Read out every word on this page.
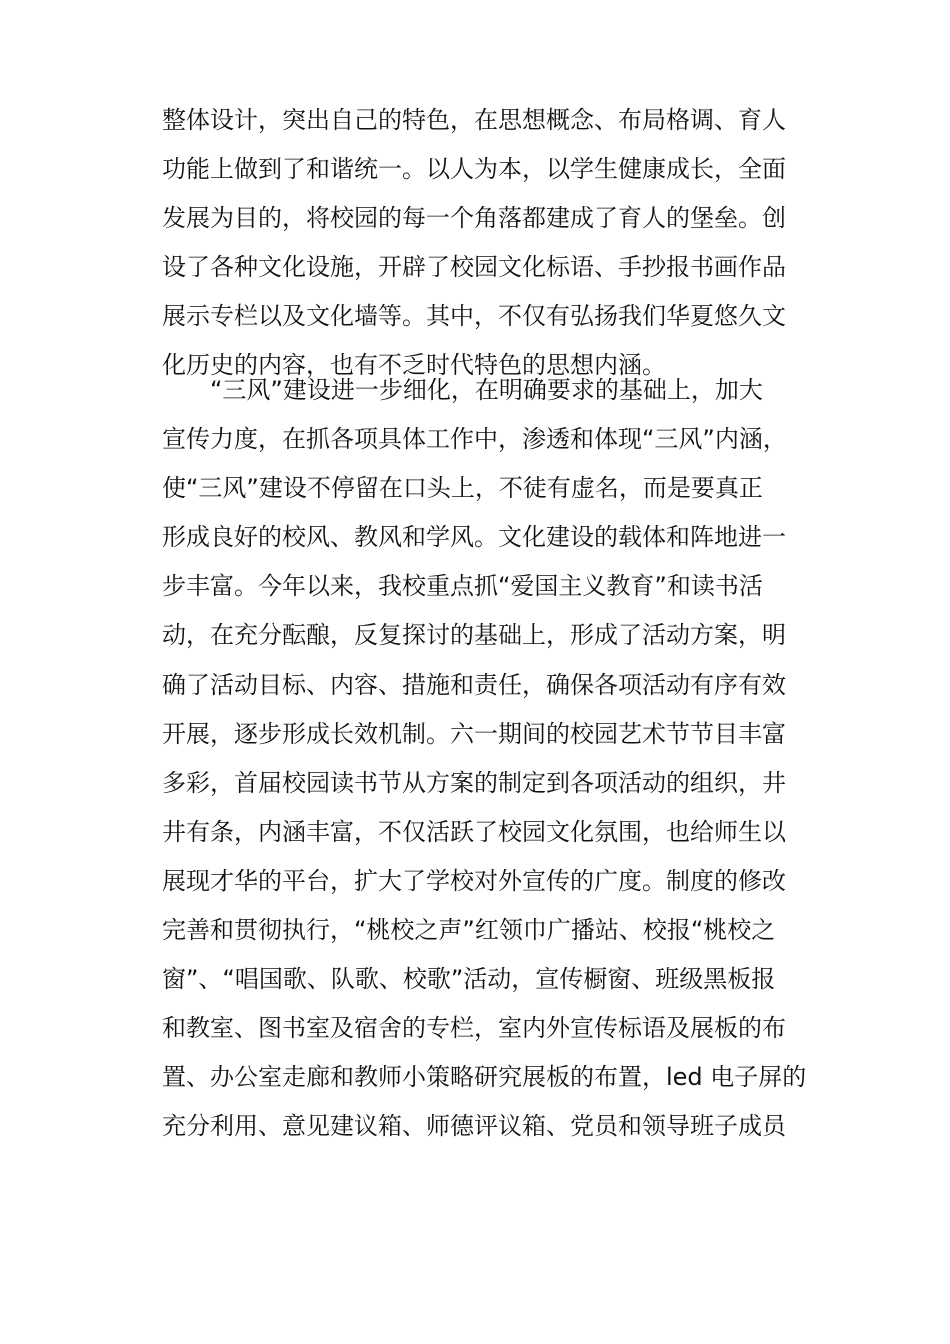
整体设计，突出自己的特色，在思想概念、布局格调、育人
功能上做到了和谐统一。以人为本，以学生健康成长，全面
发展为目的，将校园的每一个角落都建成了育人的堡垒。创
设了各种文化设施，开辟了校园文化标语、手抄报书画作品
展示专栏以及文化墙等。其中，不仅有弘扬我们华夏悠久文
化历史的内容，也有不乏时代特色的思想内涵。
　　“三风”建设进一步细化，在明确要求的基础上，加大
宣传力度，在抓各项具体工作中，渗透和体现“三风”内涵，
使“三风”建设不停留在口头上，不徒有虚名，而是要真正
形成良好的校风、教风和学风。文化建设的载体和阵地进一
步丰富。今年以来，我校重点抓“爱国主义教育”和读书活
动，在充分酝酿，反复探讨的基础上，形成了活动方案，明
确了活动目标、内容、措施和责任，确保各项活动有序有效
开展，逐步形成长效机制。六一期间的校园艺术节节目丰富
多彩，首届校园读书节从方案的制定到各项活动的组织，井
井有条，内涵丰富，不仅活跃了校园文化氛围，也给师生以
展现才华的平台，扩大了学校对外宣传的广度。制度的修改
完善和贯彻执行，“桃校之声”红领巾广播站、校报“桃校之
窗”、“唱国歌、队歌、校歌”活动，宣传橱窗、班级黑板报
和教室、图书室及宿舍的专栏，室内外宣传标语及展板的布
置、办公室走廊和教师小策略研究展板的布置，led 电子屏的
充分利用、意见建议箱、师德评议箱、党员和领导班子成员
